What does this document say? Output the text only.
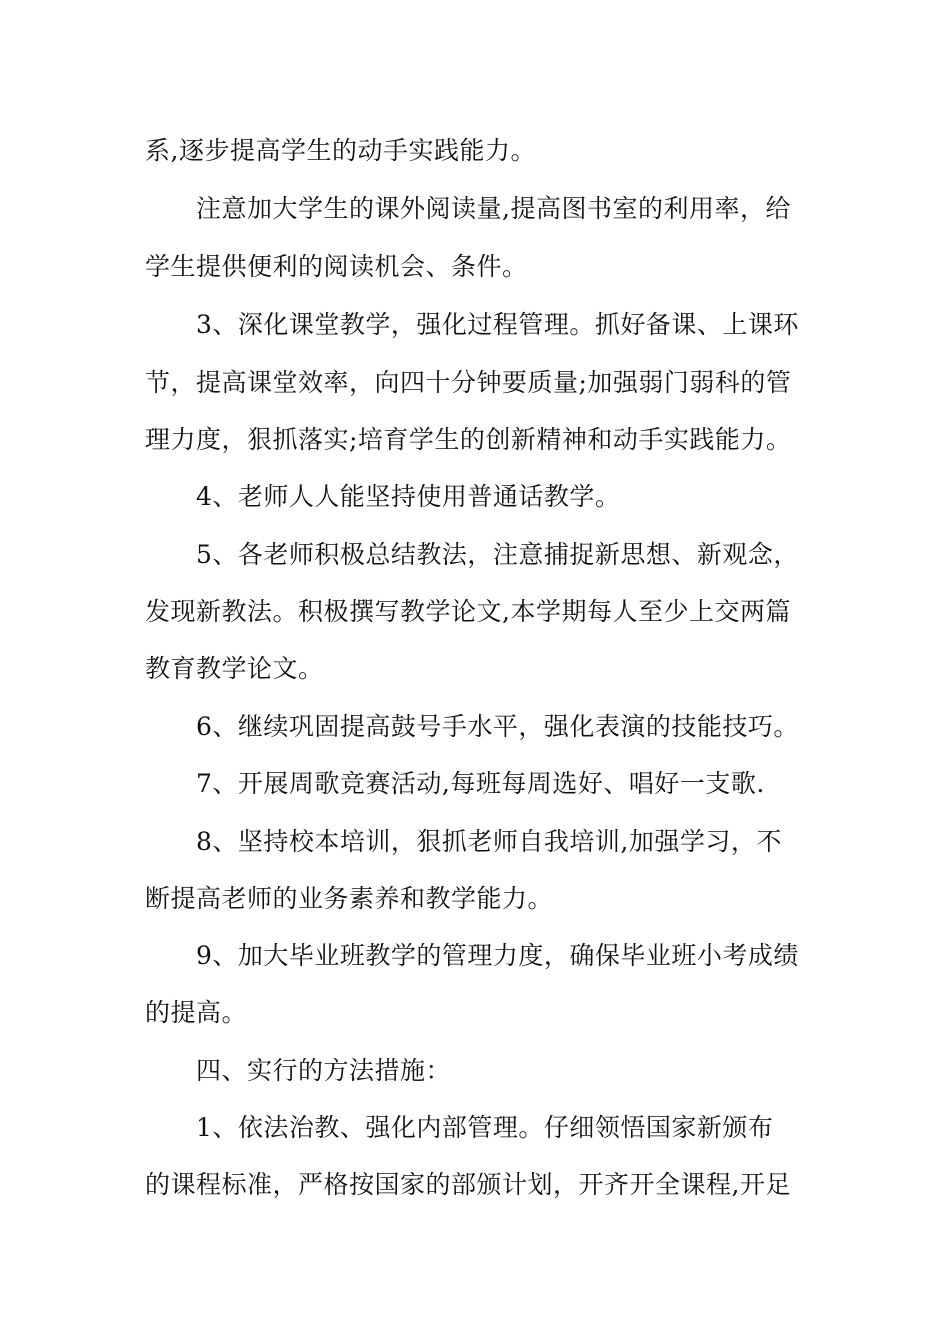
系,逐步提高学生的动手实践能力。
注意加大学生的课外阅读量,提高图书室的利用率，给
学生提供便利的阅读机会、条件。
3、深化课堂教学，强化过程管理。抓好备课、上课环
节，提高课堂效率，向四十分钟要质量;加强弱门弱科的管
理力度，狠抓落实;培育学生的创新精神和动手实践能力。
4、老师人人能坚持使用普通话教学。
5、各老师积极总结教法，注意捕捉新思想、新观念，
发现新教法。积极撰写教学论文,本学期每人至少上交两篇
教育教学论文。
6、继续巩固提高鼓号手水平，强化表演的技能技巧。
7、开展周歌竞赛活动,每班每周选好、唱好一支歌.
8、坚持校本培训，狠抓老师自我培训,加强学习，不
断提高老师的业务素养和教学能力。
9、加大毕业班教学的管理力度，确保毕业班小考成绩
的提高。
四、实行的方法措施：
1、依法治教、强化内部管理。仔细领悟国家新颁布
的课程标准，严格按国家的部颁计划，开齐开全课程,开足
